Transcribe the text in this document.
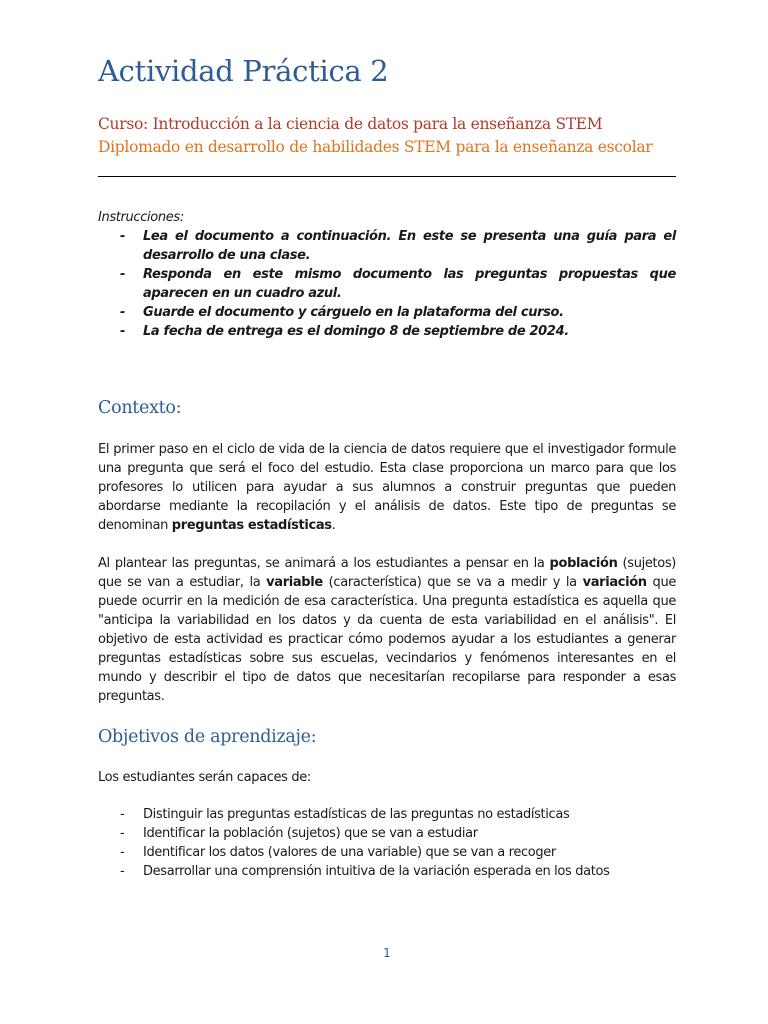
Actividad Práctica 2
Curso: Introducción a la ciencia de datos para la enseñanza STEM
Diplomado en desarrollo de habilidades STEM para la enseñanza escolar
Instrucciones:
- Lea el documento a continuación. En este se presenta una guía para el desarrollo de una clase.
- Responda en este mismo documento las preguntas propuestas que aparecen en un cuadro azul.
- Guarde el documento y cárguelo en la plataforma del curso.
- La fecha de entrega es el domingo 8 de septiembre de 2024.
Contexto:
El primer paso en el ciclo de vida de la ciencia de datos requiere que el investigador formule una pregunta que será el foco del estudio. Esta clase proporciona un marco para que los profesores lo utilicen para ayudar a sus alumnos a construir preguntas que pueden abordarse mediante la recopilación y el análisis de datos. Este tipo de preguntas se denominan preguntas estadísticas.
Al plantear las preguntas, se animará a los estudiantes a pensar en la población (sujetos) que se van a estudiar, la variable (característica) que se va a medir y la variación que puede ocurrir en la medición de esa característica. Una pregunta estadística es aquella que "anticipa la variabilidad en los datos y da cuenta de esta variabilidad en el análisis". El objetivo de esta actividad es practicar cómo podemos ayudar a los estudiantes a generar preguntas estadísticas sobre sus escuelas, vecindarios y fenómenos interesantes en el mundo y describir el tipo de datos que necesitarían recopilarse para responder a esas preguntas.
Objetivos de aprendizaje:
Los estudiantes serán capaces de:
- Distinguir las preguntas estadísticas de las preguntas no estadísticas
- Identificar la población (sujetos) que se van a estudiar
- Identificar los datos (valores de una variable) que se van a recoger
- Desarrollar una comprensión intuitiva de la variación esperada en los datos
1
